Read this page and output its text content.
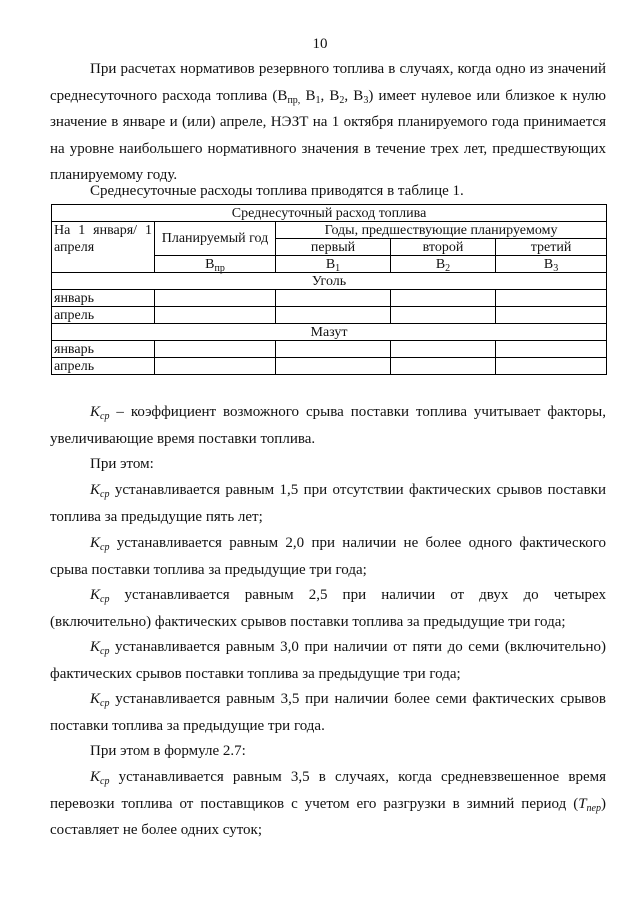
10

При расчетах нормативов резервного топлива в случаях, когда одно из значений среднесуточного расхода топлива ($B_{пр,}$ $B_1$, $B_2$, $B_3$) имеет нулевое или близкое к нулю значение в январе и (или) апреле, НЭЗТ на 1 октября планируемого года принимается на уровне наибольшего нормативного значения в течение трех лет, предшествующих планируемому году.

Среднесуточные расходы топлива приводятся в таблице 1.
Среднесуточный расход топлива				
На 1 января/ 1 апреля	Планируемый год	Годы, предшествующие планируемому		
		первый	второй	третий
	$B_{пр}$	$B_1$	$B_2$	$B_3$
Уголь				
январь				
апрель				
Мазут				
январь				
апрель				

$K_{ср}$ – коэффициент возможного срыва поставки топлива учитывает факторы, увеличивающие время поставки топлива.

При этом:

$K_{ср}$ устанавливается равным 1,5 при отсутствии фактических срывов поставки топлива за предыдущие пять лет;

$K_{ср}$ устанавливается равным 2,0 при наличии не более одного фактического срыва поставки топлива за предыдущие три года;

$K_{ср}$ устанавливается равным 2,5 при наличии от двух до четырех (включительно) фактических срывов поставки топлива за предыдущие три года;

$K_{ср}$ устанавливается равным 3,0 при наличии от пяти до семи (включительно) фактических срывов поставки топлива за предыдущие три года;

$K_{ср}$ устанавливается равным 3,5 при наличии более семи фактических срывов поставки топлива за предыдущие три года.

При этом в формуле 2.7:

$K_{ср}$ устанавливается равным 3,5 в случаях, когда средневзвешенное время перевозки топлива от поставщиков с учетом его разгрузки в зимний период $(T_{пер})$ составляет не более одних суток;
